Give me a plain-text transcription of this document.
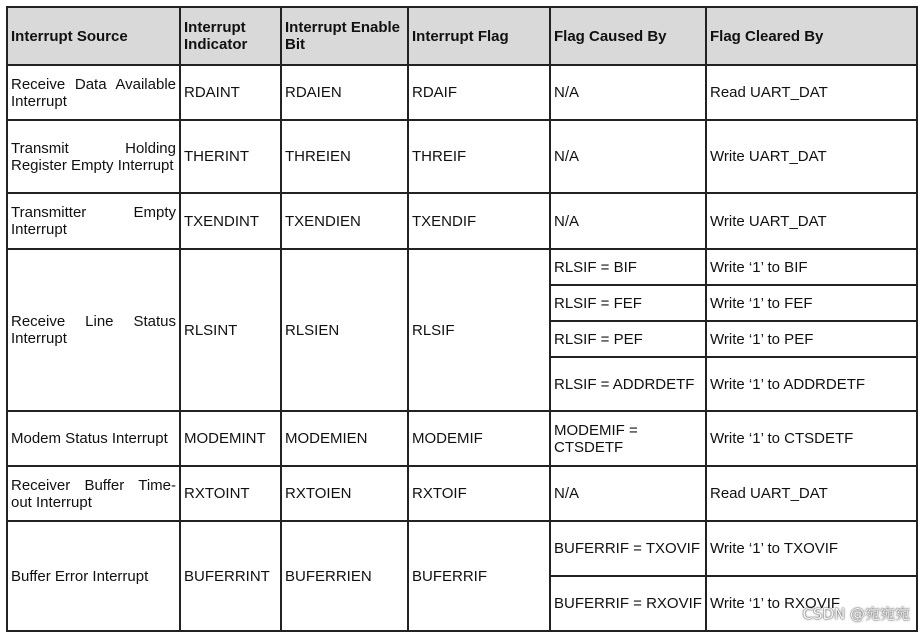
Interrupt Source	Interrupt Indicator	Interrupt Enable Bit	Interrupt Flag	Flag Caused By	Flag Cleared By
Receive Data Available Interrupt	RDAINT	RDAIEN	RDAIF	N/A	Read UART_DAT
Transmit Holding Register Empty Interrupt	THERINT	THREIEN	THREIF	N/A	Write UART_DAT
Transmitter Empty Interrupt	TXENDINT	TXENDIEN	TXENDIF	N/A	Write UART_DAT
Receive Line Status Interrupt	RLSINT	RLSIEN	RLSIF	RLSIF = BIF	Write ‘1’ to BIF
				RLSIF = FEF	Write ‘1’ to FEF
				RLSIF = PEF	Write ‘1’ to PEF
				RLSIF = ADDRDETF	Write ‘1’ to ADDRDETF
Modem Status Interrupt	MODEMINT	MODEMIEN	MODEMIF	MODEMIF = CTSDETF	Write ‘1’ to CTSDETF
Receiver Buffer Time-out Interrupt	RXTOINT	RXTOIEN	RXTOIF	N/A	Read UART_DAT
Buffer Error Interrupt	BUFERRINT	BUFERRIEN	BUFERRIF	BUFERRIF = TXOVIF	Write ‘1’ to TXOVIF
				BUFERRIF = RXOVIF	Write ‘1’ to RXOVIF
CSDN @宛宛宛
